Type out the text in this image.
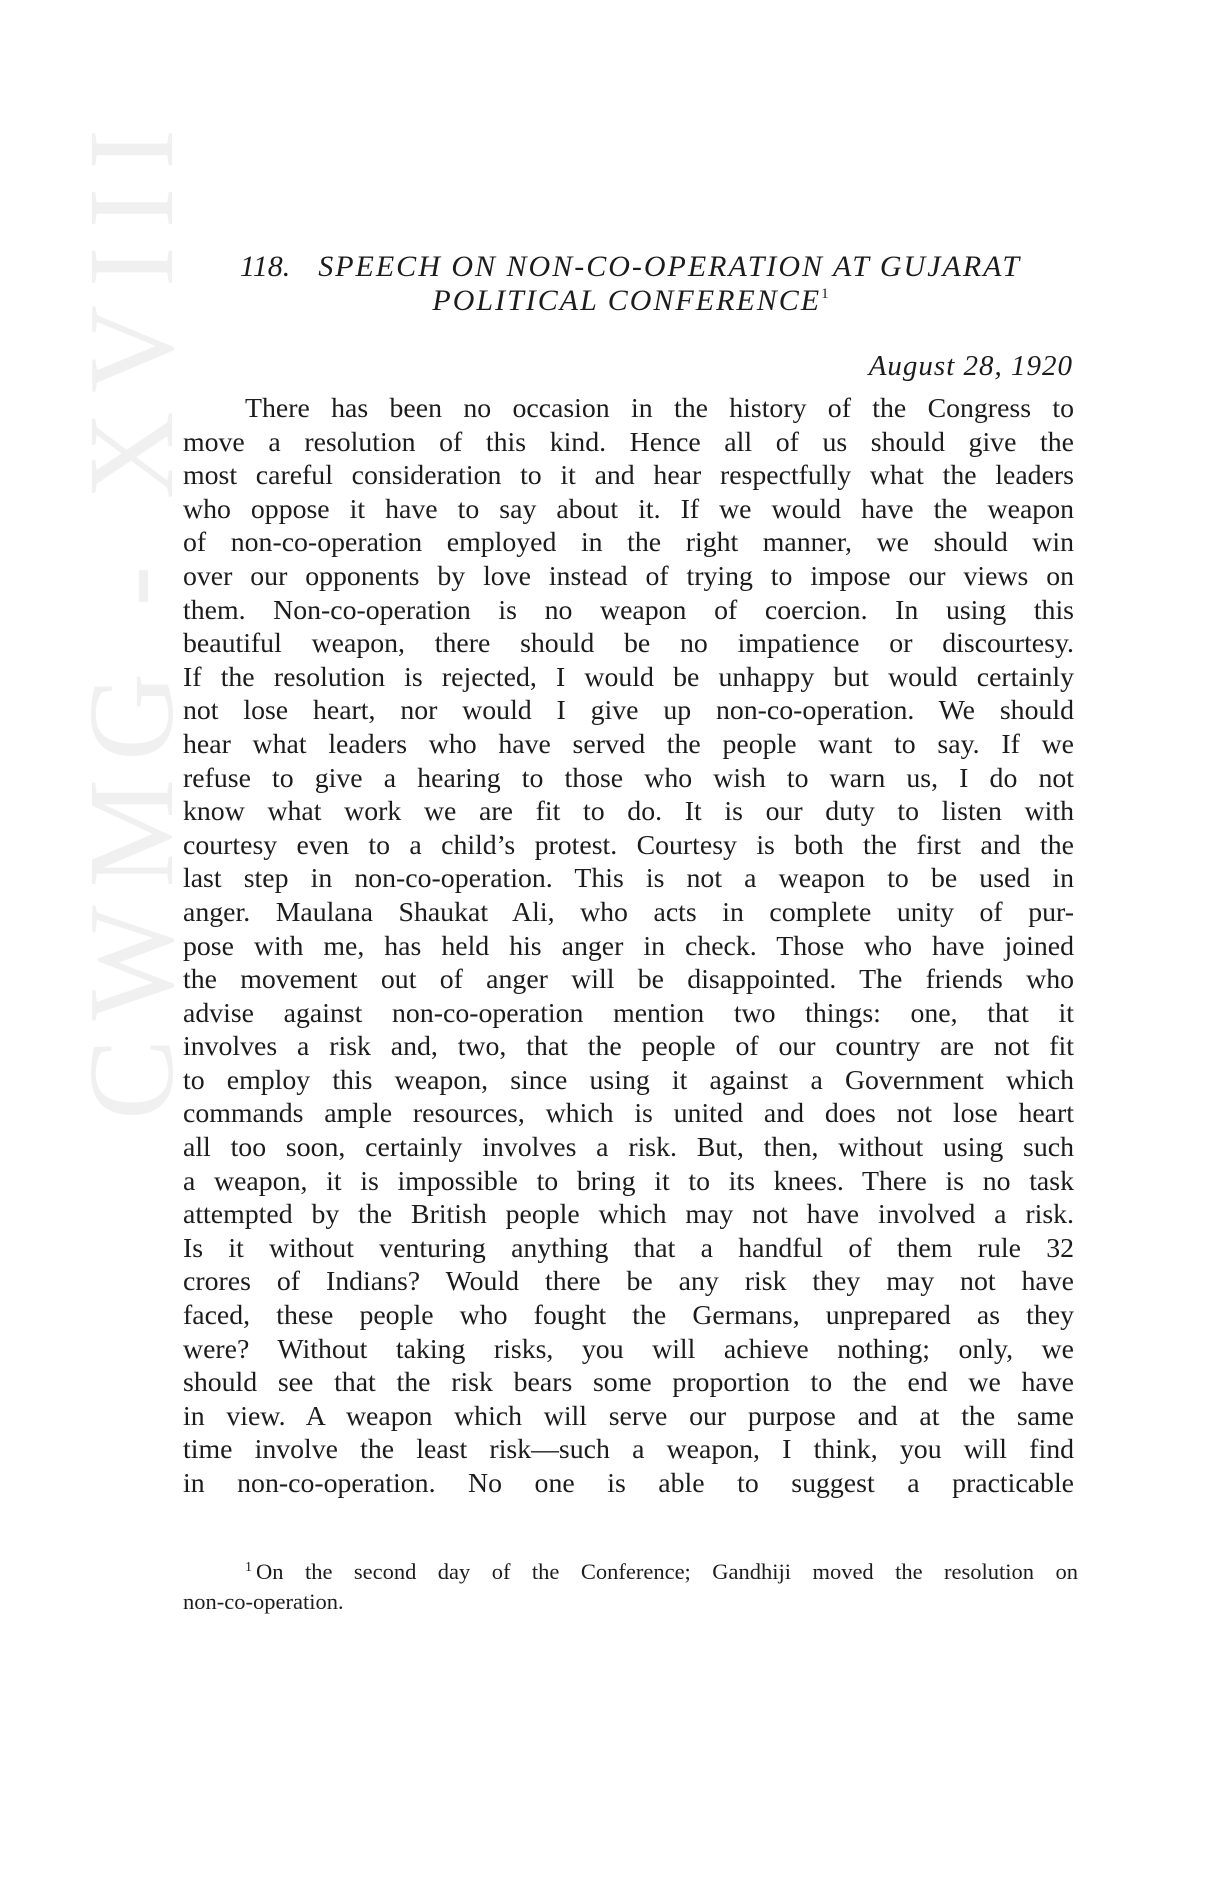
CWMG - XVIII	118. SPEECH ON NON-CO-OPERATION AT GUJARAT
POLITICAL CONFERENCE$^1$
August 28, 1920
There has been no occasion in the history of the Congress to
move a resolution of this kind. Hence all of us should give the
most careful consideration to it and hear respectfully what the leaders
who oppose it have to say about it. If we would have the weapon
of non-co-operation employed in the right manner, we should win
over our opponents by love instead of trying to impose our views on
them. Non-co-operation is no weapon of coercion. In using this
beautiful weapon, there should be no impatience or discourtesy.
If the resolution is rejected, I would be unhappy but would certainly
not lose heart, nor would I give up non-co-operation. We should
hear what leaders who have served the people want to say. If we
refuse to give a hearing to those who wish to warn us, I do not
know what work we are fit to do. It is our duty to listen with
courtesy even to a child’s protest. Courtesy is both the first and the
last step in non-co-operation. This is not a weapon to be used in
anger. Maulana Shaukat Ali, who acts in complete unity of pur-
pose with me, has held his anger in check. Those who have joined
the movement out of anger will be disappointed. The friends who
advise against non-co-operation mention two things: one, that it
involves a risk and, two, that the people of our country are not fit
to employ this weapon, since using it against a Government which
commands ample resources, which is united and does not lose heart
all too soon, certainly involves a risk. But, then, without using such
a weapon, it is impossible to bring it to its knees. There is no task
attempted by the British people which may not have involved a risk.
Is it without venturing anything that a handful of them rule 32
crores of Indians? Would there be any risk they may not have
faced, these people who fought the Germans, unprepared as they
were? Without taking risks, you will achieve nothing; only, we
should see that the risk bears some proportion to the end we have
in view. A weapon which will serve our purpose and at the same
time involve the least risk—such a weapon, I think, you will find
in non-co-operation. No one is able to suggest a practicable
$^1$ On the second day of the Conference; Gandhiji moved the resolution on
non-co-operation.
